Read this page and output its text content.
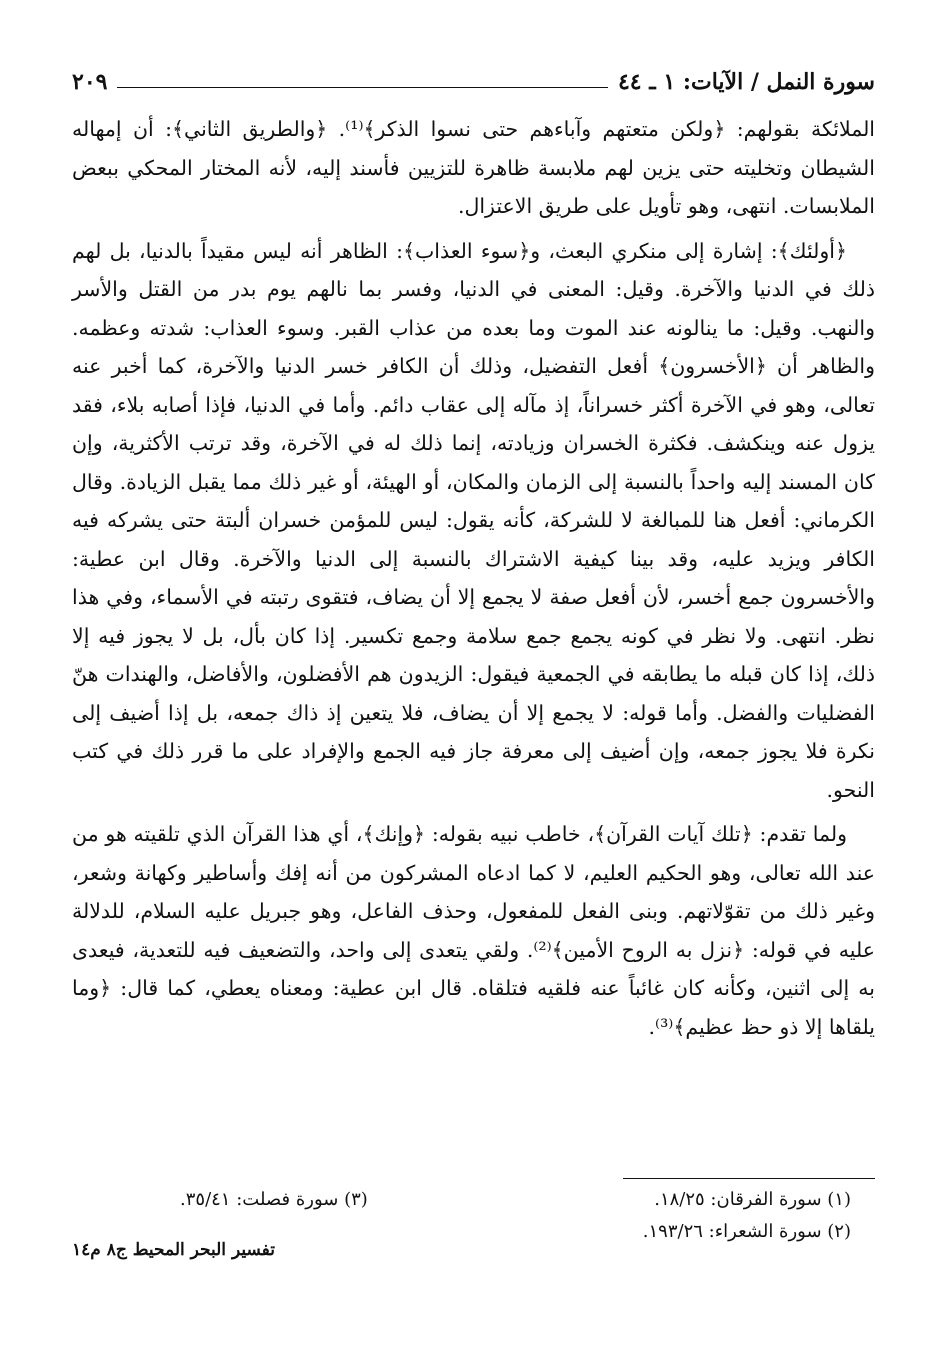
سورة النمل / الآيات: ١ ـ ٤٤
٢٠٩

الملائكة بقولهم: ﴿ولكن متعتهم وآباءهم حتى نسوا الذكر﴾⁽¹⁾. ﴿والطريق الثاني﴾: أن إمهاله الشيطان وتخليته حتى يزين لهم ملابسة ظاهرة للتزيين فأسند إليه، لأنه المختار المحكي ببعض الملابسات. انتهى، وهو تأويل على طريق الاعتزال.

﴿أولئك﴾: إشارة إلى منكري البعث، و﴿سوء العذاب﴾: الظاهر أنه ليس مقيداً بالدنيا، بل لهم ذلك في الدنيا والآخرة. وقيل: المعنى في الدنيا، وفسر بما نالهم يوم بدر من القتل والأسر والنهب. وقيل: ما ينالونه عند الموت وما بعده من عذاب القبر. وسوء العذاب: شدته وعظمه. والظاهر أن ﴿الأخسرون﴾ أفعل التفضيل، وذلك أن الكافر خسر الدنيا والآخرة، كما أخبر عنه تعالى، وهو في الآخرة أكثر خسراناً، إذ مآله إلى عقاب دائم. وأما في الدنيا، فإذا أصابه بلاء، فقد يزول عنه وينكشف. فكثرة الخسران وزيادته، إنما ذلك له في الآخرة، وقد ترتب الأكثرية، وإن كان المسند إليه واحداً بالنسبة إلى الزمان والمكان، أو الهيئة، أو غير ذلك مما يقبل الزيادة. وقال الكرماني: أفعل هنا للمبالغة لا للشركة، كأنه يقول: ليس للمؤمن خسران ألبتة حتى يشركه فيه الكافر ويزيد عليه، وقد بينا كيفية الاشتراك بالنسبة إلى الدنيا والآخرة. وقال ابن عطية: والأخسرون جمع أخسر، لأن أفعل صفة لا يجمع إلا أن يضاف، فتقوى رتبته في الأسماء، وفي هذا نظر. انتهى. ولا نظر في كونه يجمع جمع سلامة وجمع تكسير. إذا كان بأل، بل لا يجوز فيه إلا ذلك، إذا كان قبله ما يطابقه في الجمعية فيقول: الزيدون هم الأفضلون، والأفاضل، والهندات هنّ الفضليات والفضل. وأما قوله: لا يجمع إلا أن يضاف، فلا يتعين إذ ذاك جمعه، بل إذا أضيف إلى نكرة فلا يجوز جمعه، وإن أضيف إلى معرفة جاز فيه الجمع والإفراد على ما قرر ذلك في كتب النحو.

ولما تقدم: ﴿تلك آيات القرآن﴾، خاطب نبيه بقوله: ﴿وإنك﴾، أي هذا القرآن الذي تلقيته هو من عند الله تعالى، وهو الحكيم العليم، لا كما ادعاه المشركون من أنه إفك وأساطير وكهانة وشعر، وغير ذلك من تقوّلاتهم. وبنى الفعل للمفعول، وحذف الفاعل، وهو جبريل عليه السلام، للدلالة عليه في قوله: ﴿نزل به الروح الأمين﴾⁽²⁾. ولقي يتعدى إلى واحد، والتضعيف فيه للتعدية، فيعدى به إلى اثنين، وكأنه كان غائباً عنه فلقيه فتلقاه. قال ابن عطية: ومعناه يعطي، كما قال: ﴿وما يلقاها إلا ذو حظ عظيم﴾⁽³⁾.

(١) سورة الفرقان: ١٨/٢٥.
(٣) سورة فصلت: ٣٥/٤١.
(٢) سورة الشعراء: ١٩٣/٢٦.
تفسير البحر المحيط ج٨ م١٤
